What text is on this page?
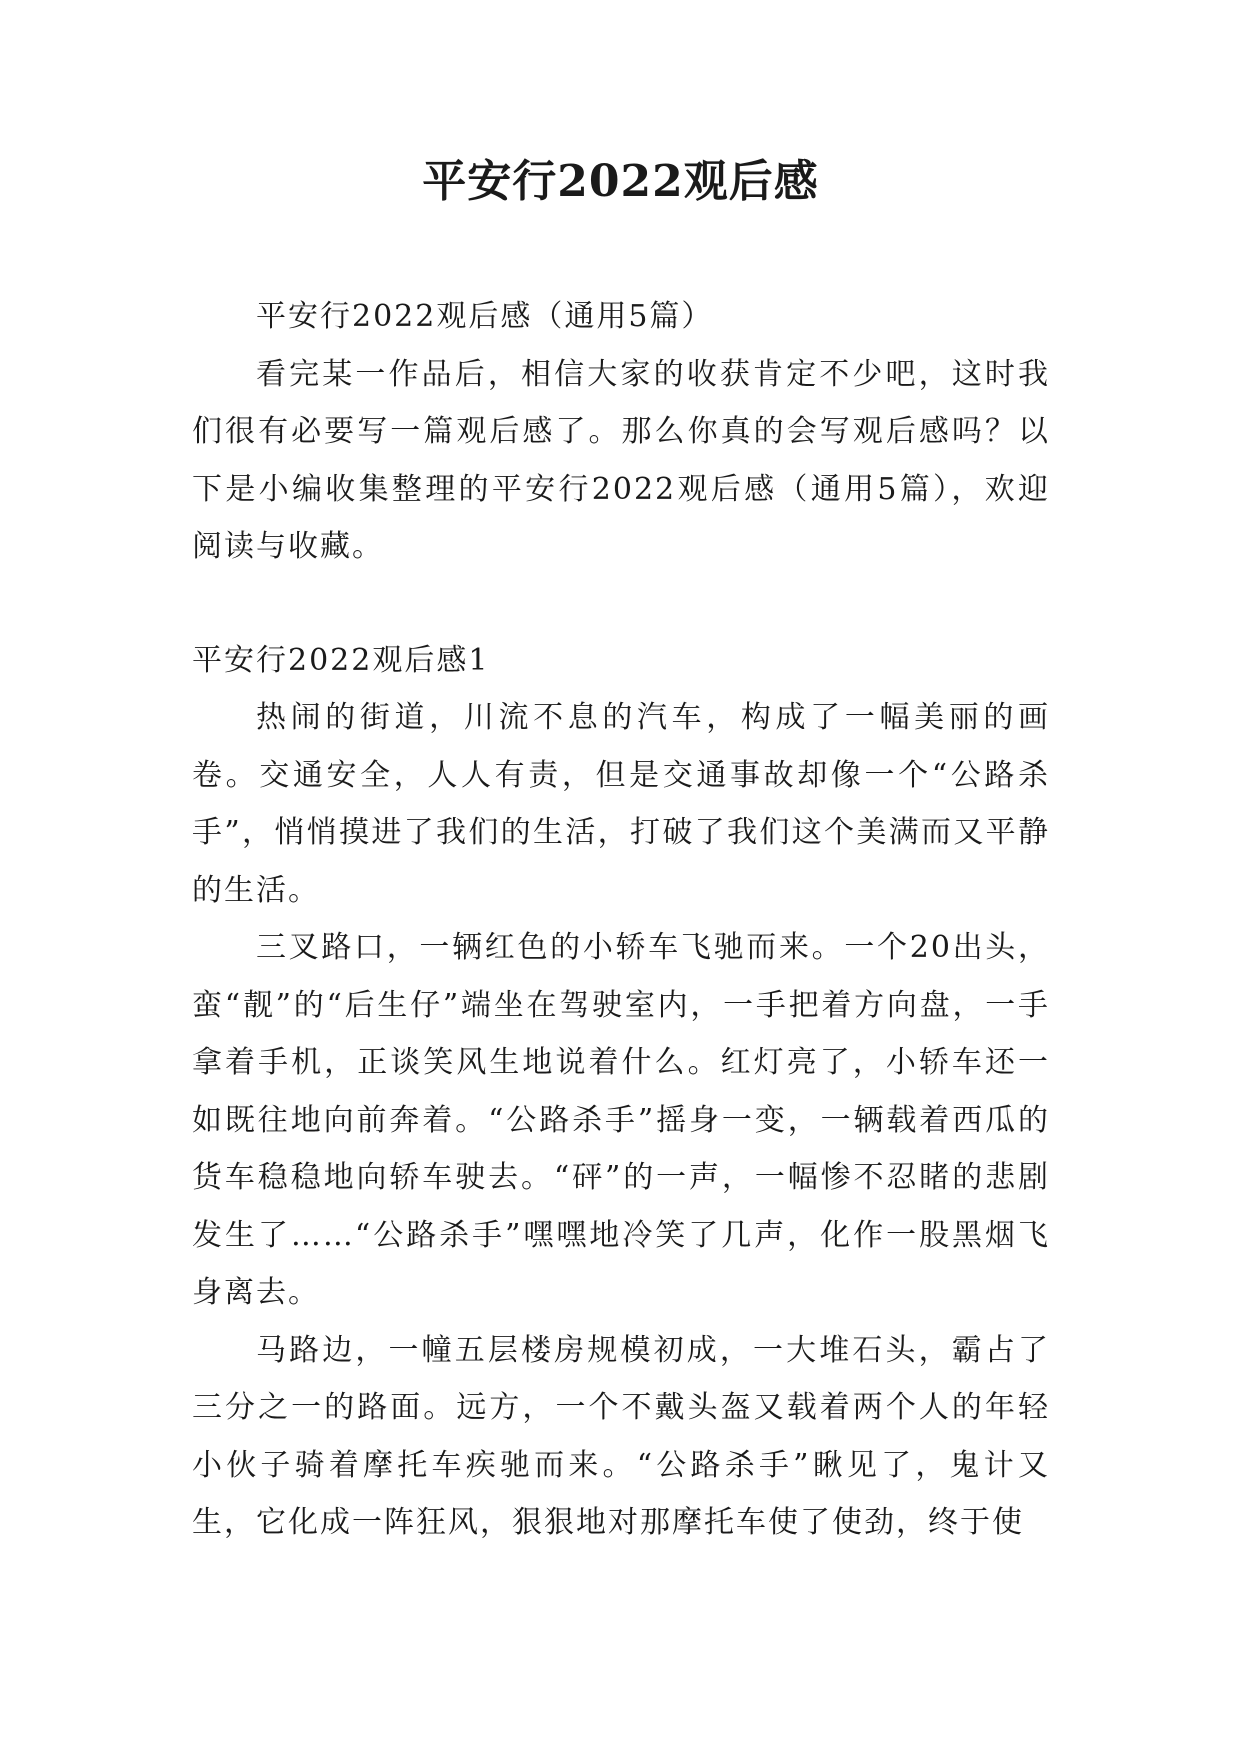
平安行2022观后感

平安行2022观后感（通用5篇）

看完某一作品后，相信大家的收获肯定不少吧，这时我们很有必要写一篇观后感了。那么你真的会写观后感吗？以下是小编收集整理的平安行2022观后感（通用5篇），欢迎阅读与收藏。

平安行2022观后感1

热闹的街道，川流不息的汽车，构成了一幅美丽的画卷。交通安全，人人有责，但是交通事故却像一个“公路杀手”，悄悄摸进了我们的生活，打破了我们这个美满而又平静的生活。

三叉路口，一辆红色的小轿车飞驰而来。一个20出头，蛮“靓”的“后生仔”端坐在驾驶室内，一手把着方向盘，一手拿着手机，正谈笑风生地说着什么。红灯亮了，小轿车还一如既往地向前奔着。“公路杀手”摇身一变，一辆载着西瓜的货车稳稳地向轿车驶去。“砰”的一声，一幅惨不忍睹的悲剧发生了……“公路杀手”嘿嘿地冷笑了几声，化作一股黑烟飞身离去。

马路边，一幢五层楼房规模初成，一大堆石头，霸占了三分之一的路面。远方，一个不戴头盔又载着两个人的年轻小伙子骑着摩托车疾驰而来。“公路杀手”瞅见了，鬼计又生，它化成一阵狂风，狠狠地对那摩托车使了使劲，终于使
